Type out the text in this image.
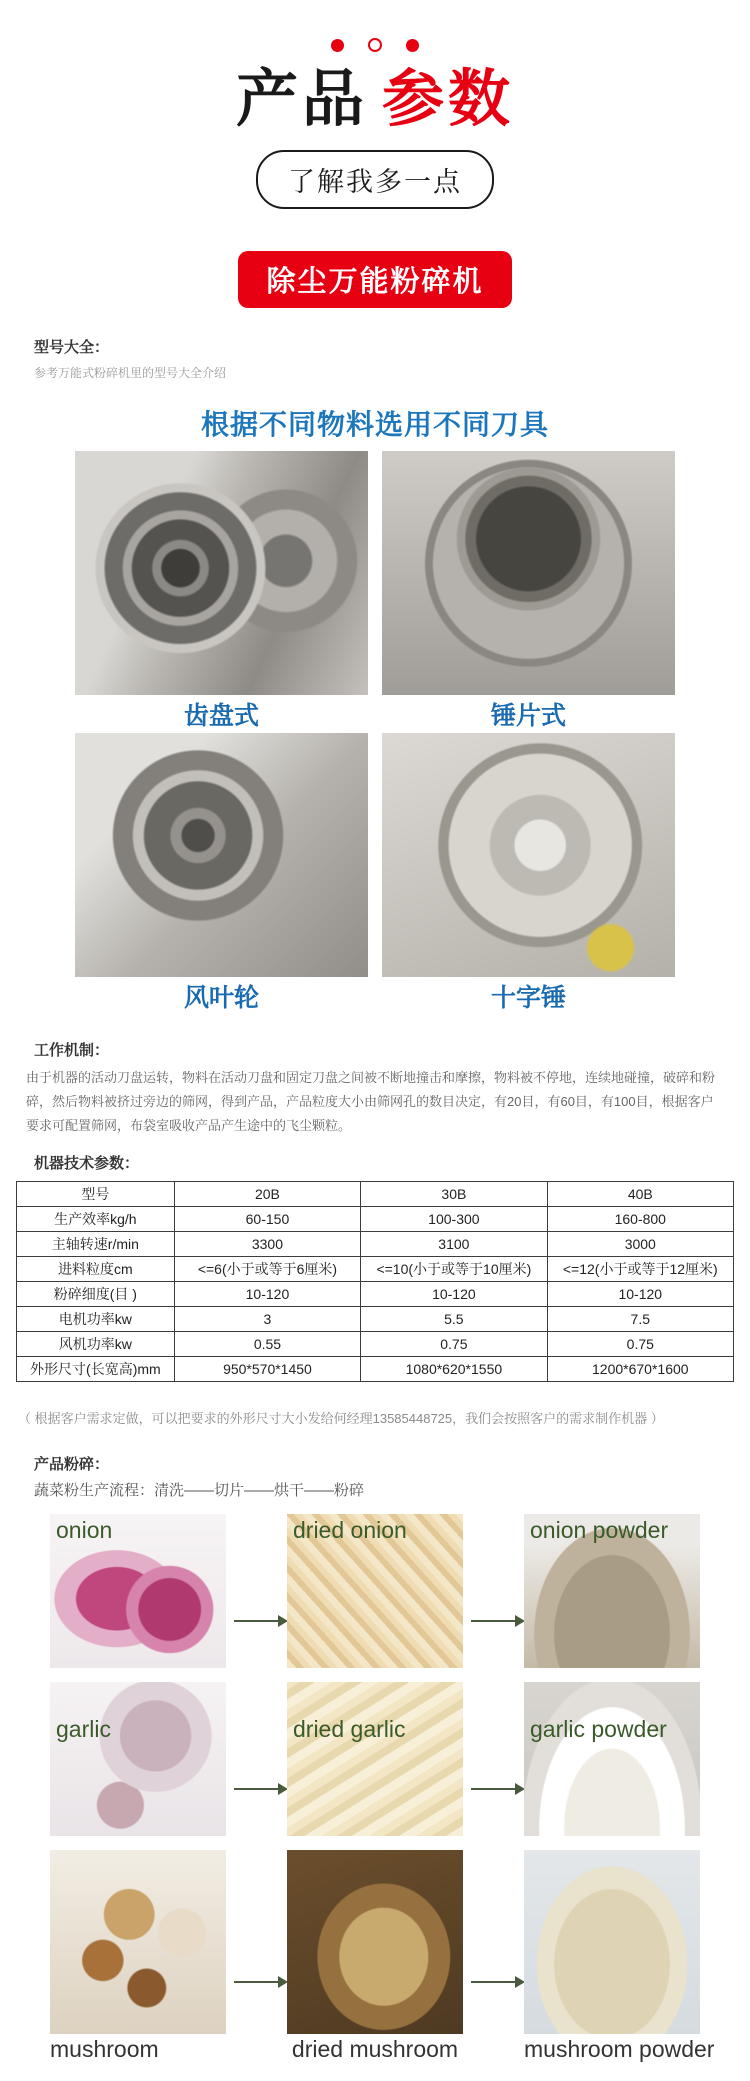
产品 参数
了解我多一点
除尘万能粉碎机
型号大全：
参考万能式粉碎机里的型号大全介绍
根据不同物料选用不同刀具
齿盘式	锤片式
风叶轮	十字锤
工作机制：
由于机器的活动刀盘运转，物料在活动刀盘和固定刀盘之间被不断地撞击和摩擦，物料被不停地，连续地碰撞，破碎和粉碎，然后物料被挤过旁边的筛网，得到产品，产品粒度大小由筛网孔的数目决定，有20目，有60目，有100目，根据客户要求可配置筛网，布袋室吸收产品产生途中的飞尘颗粒。
机器技术参数：
型号	20B	30B	40B
生产效率kg/h	60-150	100-300	160-800
主轴转速r/min	3300	3100	3000
进料粒度cm	<=6(小于或等于6厘米)	<=10(小于或等于10厘米)	<=12(小于或等于12厘米)
粉碎细度(目 )	10-120	10-120	10-120
电机功率kw	3	5.5	7.5
风机功率kw	0.55	0.75	0.75
外形尺寸(长宽高)mm	950*570*1450	1080*620*1550	1200*670*1600
（ 根据客户需求定做，可以把要求的外形尺寸大小发给何经理13585448725，我们会按照客户的需求制作机器 ）
产品粉碎：
蔬菜粉生产流程：清洗——切片——烘干——粉碎
onion	dried onion	onion powder
garlic	dried garlic	garlic powder
mushroom	dried mushroom	mushroom powder
